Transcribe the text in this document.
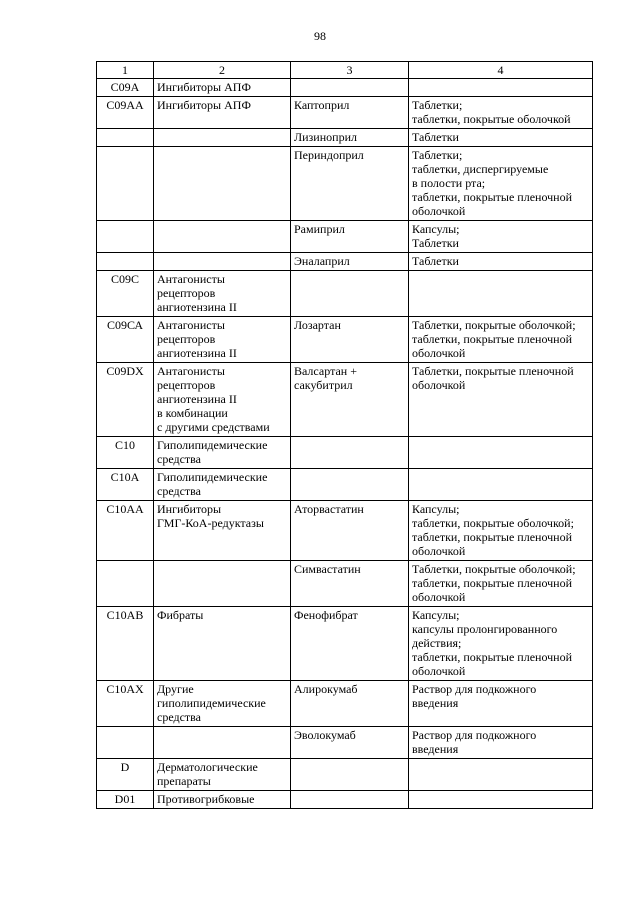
98
1	2	3	4
С09А	Ингибиторы АПФ		
С09АА	Ингибиторы АПФ	Каптоприл	Таблетки;
таблетки, покрытые оболочкой
		Лизиноприл	Таблетки
		Периндоприл	Таблетки;
таблетки, диспергируемые
в полости рта;
таблетки, покрытые пленочной
оболочкой
		Рамиприл	Капсулы;
Таблетки
		Эналаприл	Таблетки
С09С	Антагонисты
рецепторов
ангиотензина II		
С09СА	Антагонисты
рецепторов
ангиотензина II	Лозартан	Таблетки, покрытые оболочкой;
таблетки, покрытые пленочной
оболочкой
С09DХ	Антагонисты
рецепторов
ангиотензина II
в комбинации
с другими средствами	Валсартан +
сакубитрил	Таблетки, покрытые пленочной
оболочкой
С10	Гиполипидемические
средства		
С10А	Гиполипидемические
средства		
С10АА	Ингибиторы
ГМГ-КоА-редуктазы	Аторвастатин	Капсулы;
таблетки, покрытые оболочкой;
таблетки, покрытые пленочной
оболочкой
		Симвастатин	Таблетки, покрытые оболочкой;
таблетки, покрытые пленочной
оболочкой
С10АВ	Фибраты	Фенофибрат	Капсулы;
капсулы пролонгированного
действия;
таблетки, покрытые пленочной
оболочкой
С10АХ	Другие
гиполипидемические
средства	Алирокумаб	Раствор для подкожного
введения
		Эволокумаб	Раствор для подкожного
введения
D	Дерматологические
препараты		
D01	Противогрибковые		
